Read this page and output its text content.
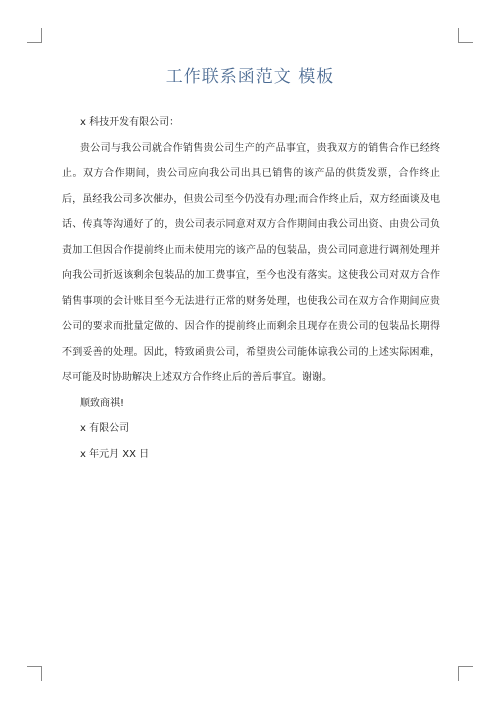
工作联系函范文 模板

x 科技开发有限公司：

贵公司与我公司就合作销售贵公司生产的产品事宜，贵我双方的销售合作已经终止。双方合作期间，贵公司应向我公司出具已销售的该产品的供货发票，合作终止后，虽经我公司多次催办，但贵公司至今仍没有办理;而合作终止后，双方经面谈及电话、传真等沟通好了的，贵公司表示同意对双方合作期间由我公司出资、由贵公司负责加工但因合作提前终止而未使用完的该产品的包装品，贵公司同意进行调剂处理并向我公司折返该剩余包装品的加工费事宜，至今也没有落实。这使我公司对双方合作销售事项的会计账目至今无法进行正常的财务处理，也使我公司在双方合作期间应贵公司的要求而批量定做的、因合作的提前终止而剩余且现存在贵公司的包装品长期得不到妥善的处理。因此，特致函贵公司，希望贵公司能体谅我公司的上述实际困难，尽可能及时协助解决上述双方合作终止后的善后事宜。谢谢。

顺致商祺!

x 有限公司

x 年元月 XX 日
